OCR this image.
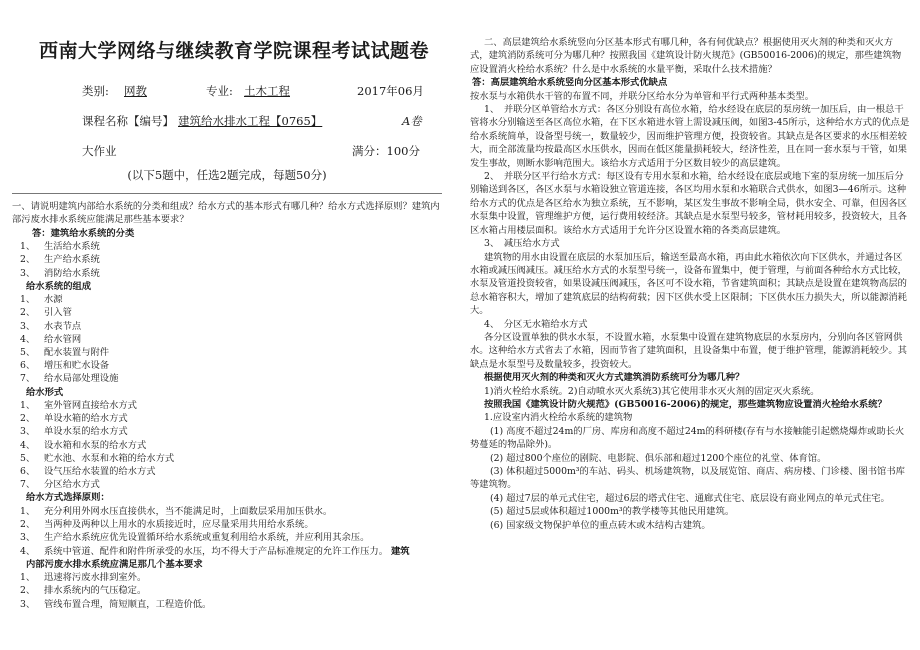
西南大学网络与继续教育学院课程考试试题卷
类别: 网教	专业: 土木工程	2017年06月
课程名称【编号】 建筑给水排水工程【0765】	A卷
大作业	满分：100分
(以下5题中，任选2题完成，每题50分)

一、请说明建筑内部给水系统的分类和组成？给水方式的基本形式有哪几种？给水方式选择原则？建筑内部污废水排水系统应能满足那些基本要求？

答：建筑给水系统的分类

1、 生活给水系统

2、 生产给水系统

3、 消防给水系统

给水系统的组成

1、 水源

2、 引入管

3、 水表节点

4、 给水管网

5、 配水装置与附件

6、 增压和贮水设备

7、 给水局部处理设施

给水形式

1、 室外管网直接给水方式

2、 单设水箱的给水方式

3、 单设水泵的给水方式

4、 设水箱和水泵的给水方式

5、 贮水池、水泵和水箱的给水方式

6、 设气压给水装置的给水方式

7、 分区给水方式

给水方式选择原则：

1、 充分利用外网水压直接供水，当不能满足时，上面数层采用加压供水。

2、 当两种及两种以上用水的水质接近时，应尽量采用共用给水系统。

3、 生产给水系统应优先设置循环给水系统或重复利用给水系统，并应利用其余压。

4、 系统中管道、配件和附件所承受的水压，均不得大于产品标准规定的允许工作压力。 建筑

内部污废水排水系统应满足那几个基本要求

1、 迅速将污废水排到室外。

2、 排水系统内的气压稳定。

3、 管线布置合理，简短顺直，工程造价低。

二、高层建筑给水系统竖向分区基本形式有哪几种，各有何优缺点？根据使用灭火剂的种类和灭火方式，建筑消防系统可分为哪几种？按照我国《建筑设计防火规范》(GB50016-2006)的规定，那些建筑物应设置消火栓给水系统？什么是中水系统的水量平衡，采取什么技术措施？

答：高层建筑给水系统竖向分区基本形式优缺点

按水泵与水箱供水干管的布置不同，并联分区给水分为单管和平行式两种基本类型。

1、　并联分区单管给水方式：各区分别设有高位水箱，给水经设在底层的泵房统一加压后，由一根总干管将水分别输送至各区高位水箱，在下区水箱进水管上需设减压阀，如图3-45所示，这种给水方式的优点是给水系统简单，设备型号统一，数量较少，因而维护管理方便，投资较省。其缺点是各区要求的水压相差较大，而全部流量均按最高区水压供水，因而在低区能量损耗较大，经济性差，且在同一套水泵与干管，如果发生事故，则断水影响范围大。该给水方式适用于分区数目较少的高层建筑。

2、　并联分区平行给水方式：每区设有专用水泵和水箱，给水经设在底层或地下室的泵房统一加压后分别输送到各区，各区水泵与水箱设独立管道连接，各区均用水泵和水箱联合式供水，如图3—46所示。这种给水方式的优点是各区给水为独立系统，互不影响，某区发生事故不影响全局，供水安全、可靠，但因各区水泵集中设置，管理维护方便，运行费用较经济。其缺点是水泵型号较多，管材耗用较多，投资较大，且各区水箱占用楼层面积。该给水方式适用于允许分区设置水箱的各类高层建筑。

3、　减压给水方式

建筑物的用水由设置在底层的水泵加压后，输送至最高水箱，再由此水箱依次向下区供水，并通过各区水箱或减压阀减压。减压给水方式的水泵型号统一，设备布置集中，便于管理，与前面各种给水方式比较，水泵及管道投资较省，如果设减压阀减压，各区可不设水箱，节省建筑面积；其缺点是设置在建筑物高层的总水箱容积大，增加了建筑底层的结构荷载；因下区供水受上区限制；下区供水压力损失大，所以能源消耗大。

4、　分区无水箱给水方式

各分区设置单独的供水水泵，不设置水箱，水泵集中设置在建筑物底层的水泵房内，分别向各区管网供水。这种给水方式省去了水箱，因而节省了建筑面积，且设备集中布置，便于维护管理，能源消耗较少。其缺点是水泵型号及数量较多，投资较大。

根据使用灭火剂的种类和灭火方式建筑消防系统可分为哪几种？

1)消火栓给水系统。2)自动喷水灭火系统3)其它使用非水灭火剂的固定灭火系统。

按照我国《建筑设计防火规范》(GB50016-2006)的规定，那些建筑物应设置消火栓给水系统？

1.应设室内消火栓给水系统的建筑物

(1) 高度不超过24m的厂房、库房和高度不超过24m的科研楼(存有与水接触能引起燃烧爆炸或助长火势蔓延的物品除外)。

(2) 超过800个座位的剧院、电影院、俱乐部和超过1200个座位的礼堂、体育馆。

(3) 体积超过5000m³的车站、码头、机场建筑物，以及展览馆、商店、病房楼、门诊楼、图书馆书库等建筑物。

(4) 超过7层的单元式住宅，超过6层的塔式住宅、通廊式住宅、底层设有商业网点的单元式住宅。

(5) 超过5层或体积超过1000m³的教学楼等其他民用建筑。

(6) 国家级文物保护单位的重点砖木或木结构古建筑。
